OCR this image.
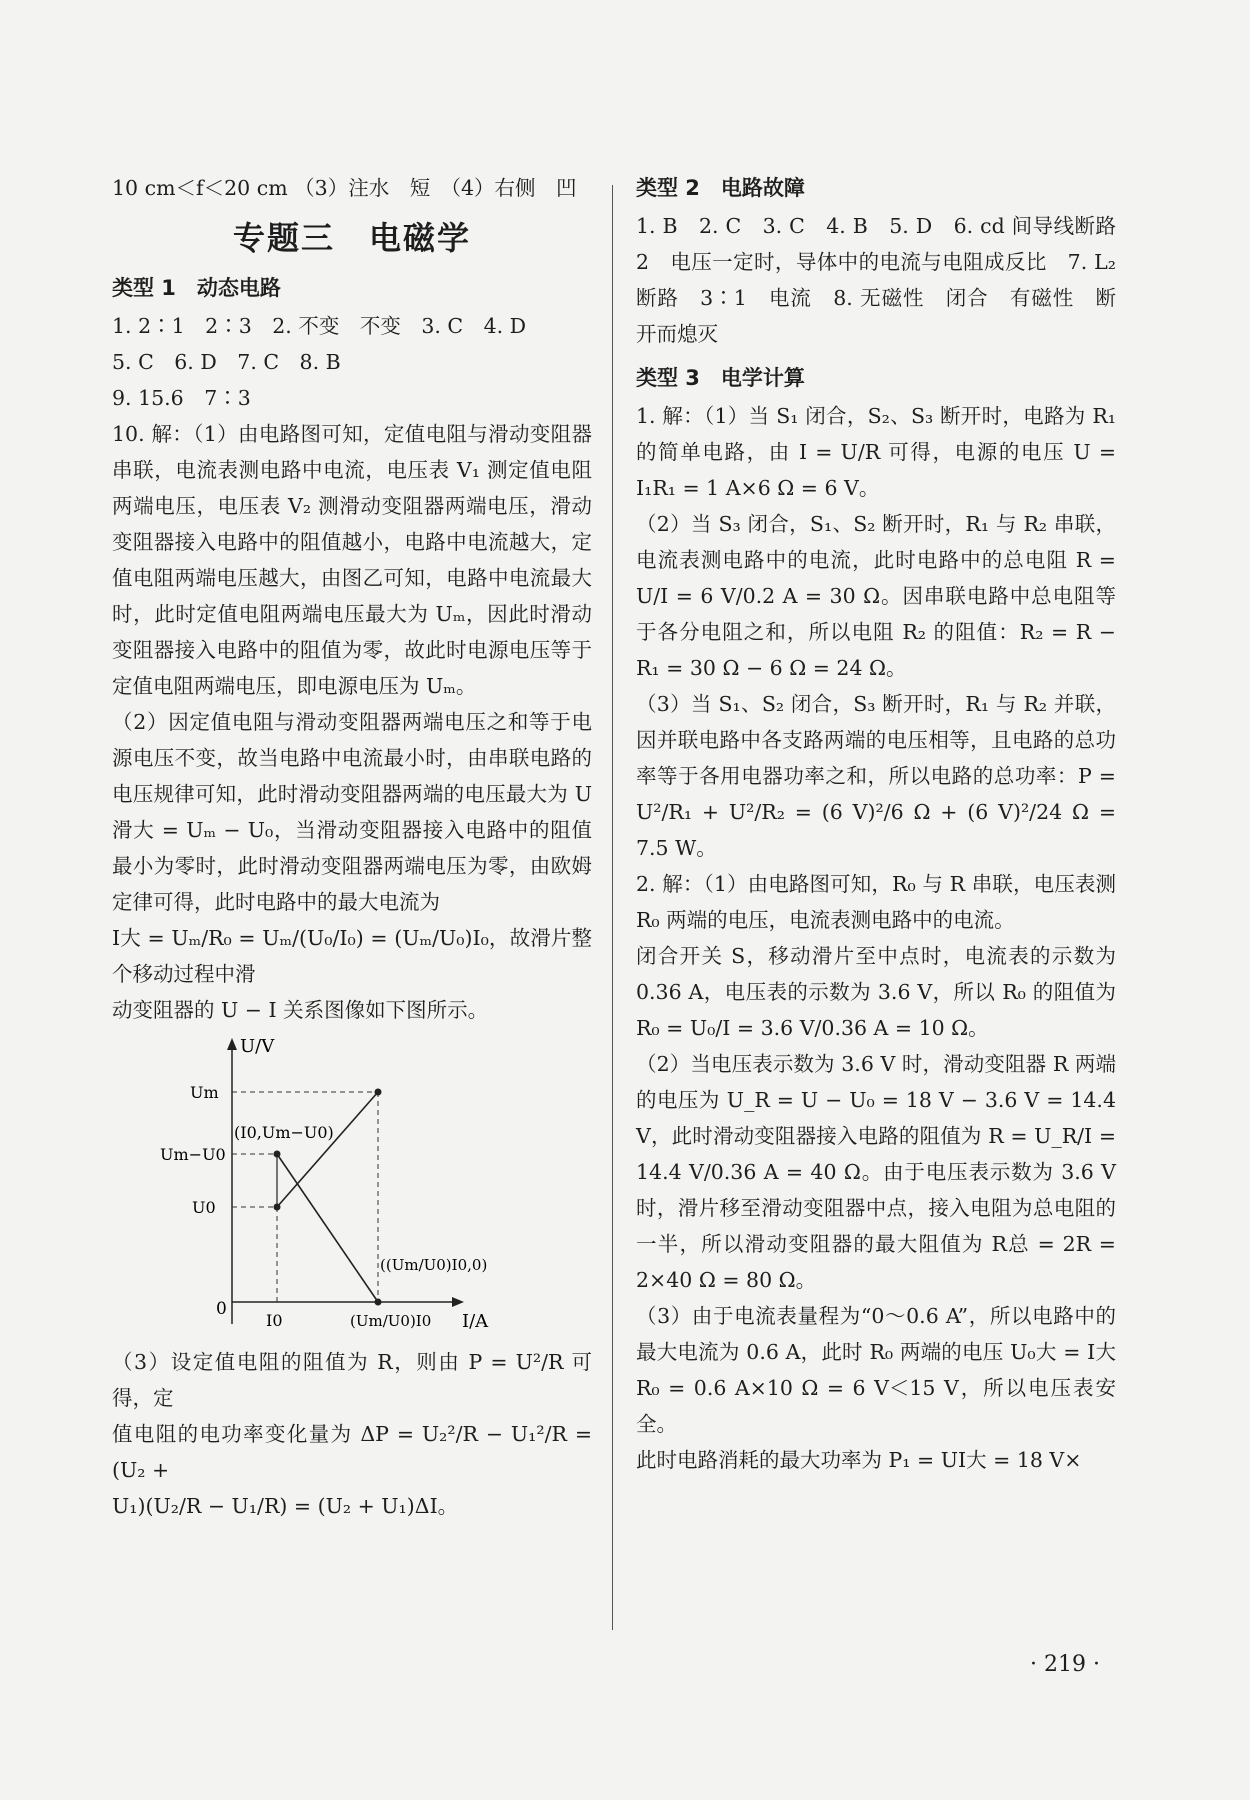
10 cm＜f＜20 cm （3）注水　短　（4）右侧　凹

专题三　电磁学
类型 1　动态电路

1. 2∶1　2∶3　2. 不变　不变　3. C　4. D

5. C　6. D　7. C　8. B

9. 15.6　7∶3

10. 解：（1）由电路图可知，定值电阻与滑动变阻器串联，电流表测电路中电流，电压表 V₁ 测定值电阻两端电压，电压表 V₂ 测滑动变阻器两端电压，滑动变阻器接入电路中的阻值越小，电路中电流越大，定值电阻两端电压越大，由图乙可知，电路中电流最大时，此时定值电阻两端电压最大为 Uₘ，因此时滑动变阻器接入电路中的阻值为零，故此时电源电压等于定值电阻两端电压，即电源电压为 Uₘ。

（2）因定值电阻与滑动变阻器两端电压之和等于电源电压不变，故当电路中电流最小时，由串联电路的电压规律可知，此时滑动变阻器两端的电压最大为 U滑大 = Uₘ − U₀，当滑动变阻器接入电路中的阻值最小为零时，此时滑动变阻器两端电压为零，由欧姆定律可得，此时电路中的最大电流为

I大 = Uₘ/R₀ = Uₘ/(U₀/I₀) = (Uₘ/U₀)I₀，故滑片整个移动过程中滑

动变阻器的 U − I 关系图像如下图所示。

U/V
I/A
0
Um
Um−U0
U0
I0	(Um/U0)I0
(I0,Um−U0)
((Um/U0)I0,0)

（3）设定值电阻的阻值为 R，则由 P = U²/R 可得，定

值电阻的电功率变化量为 ΔP = U₂²/R − U₁²/R = (U₂ +

U₁)(U₂/R − U₁/R) = (U₂ + U₁)ΔI。

类型 2　电路故障

1. B　2. C　3. C　4. B　5. D　6. cd 间导线断路　2　电压一定时，导体中的电流与电阻成反比　7. L₂ 断路　3∶1　电流　8. 无磁性　闭合　有磁性　断开而熄灭

类型 3　电学计算

1. 解：（1）当 S₁ 闭合，S₂、S₃ 断开时，电路为 R₁ 的简单电路，由 I = U/R 可得，电源的电压 U = I₁R₁ = 1 A×6 Ω = 6 V。

（2）当 S₃ 闭合，S₁、S₂ 断开时，R₁ 与 R₂ 串联，电流表测电路中的电流，此时电路中的总电阻 R = U/I = 6 V/0.2 A = 30 Ω。因串联电路中总电阻等于各分电阻之和，所以电阻 R₂ 的阻值：R₂ = R − R₁ = 30 Ω − 6 Ω = 24 Ω。

（3）当 S₁、S₂ 闭合，S₃ 断开时，R₁ 与 R₂ 并联，因并联电路中各支路两端的电压相等，且电路的总功率等于各用电器功率之和，所以电路的总功率：P = U²/R₁ + U²/R₂ = (6 V)²/6 Ω + (6 V)²/24 Ω = 7.5 W。

2. 解：（1）由电路图可知，R₀ 与 R 串联，电压表测 R₀ 两端的电压，电流表测电路中的电流。

闭合开关 S，移动滑片至中点时，电流表的示数为 0.36 A，电压表的示数为 3.6 V，所以 R₀ 的阻值为 R₀ = U₀/I = 3.6 V/0.36 A = 10 Ω。

（2）当电压表示数为 3.6 V 时，滑动变阻器 R 两端的电压为 U_R = U − U₀ = 18 V − 3.6 V = 14.4 V，此时滑动变阻器接入电路的阻值为 R = U_R/I = 14.4 V/0.36 A = 40 Ω。由于电压表示数为 3.6 V 时，滑片移至滑动变阻器中点，接入电阻为总电阻的一半，所以滑动变阻器的最大阻值为 R总 = 2R = 2×40 Ω = 80 Ω。

（3）由于电流表量程为“0～0.6 A”，所以电路中的最大电流为 0.6 A，此时 R₀ 两端的电压 U₀大 = I大 R₀ = 0.6 A×10 Ω = 6 V＜15 V，所以电压表安全。

此时电路消耗的最大功率为 P₁ = UI大 = 18 V×

· 219 ·
